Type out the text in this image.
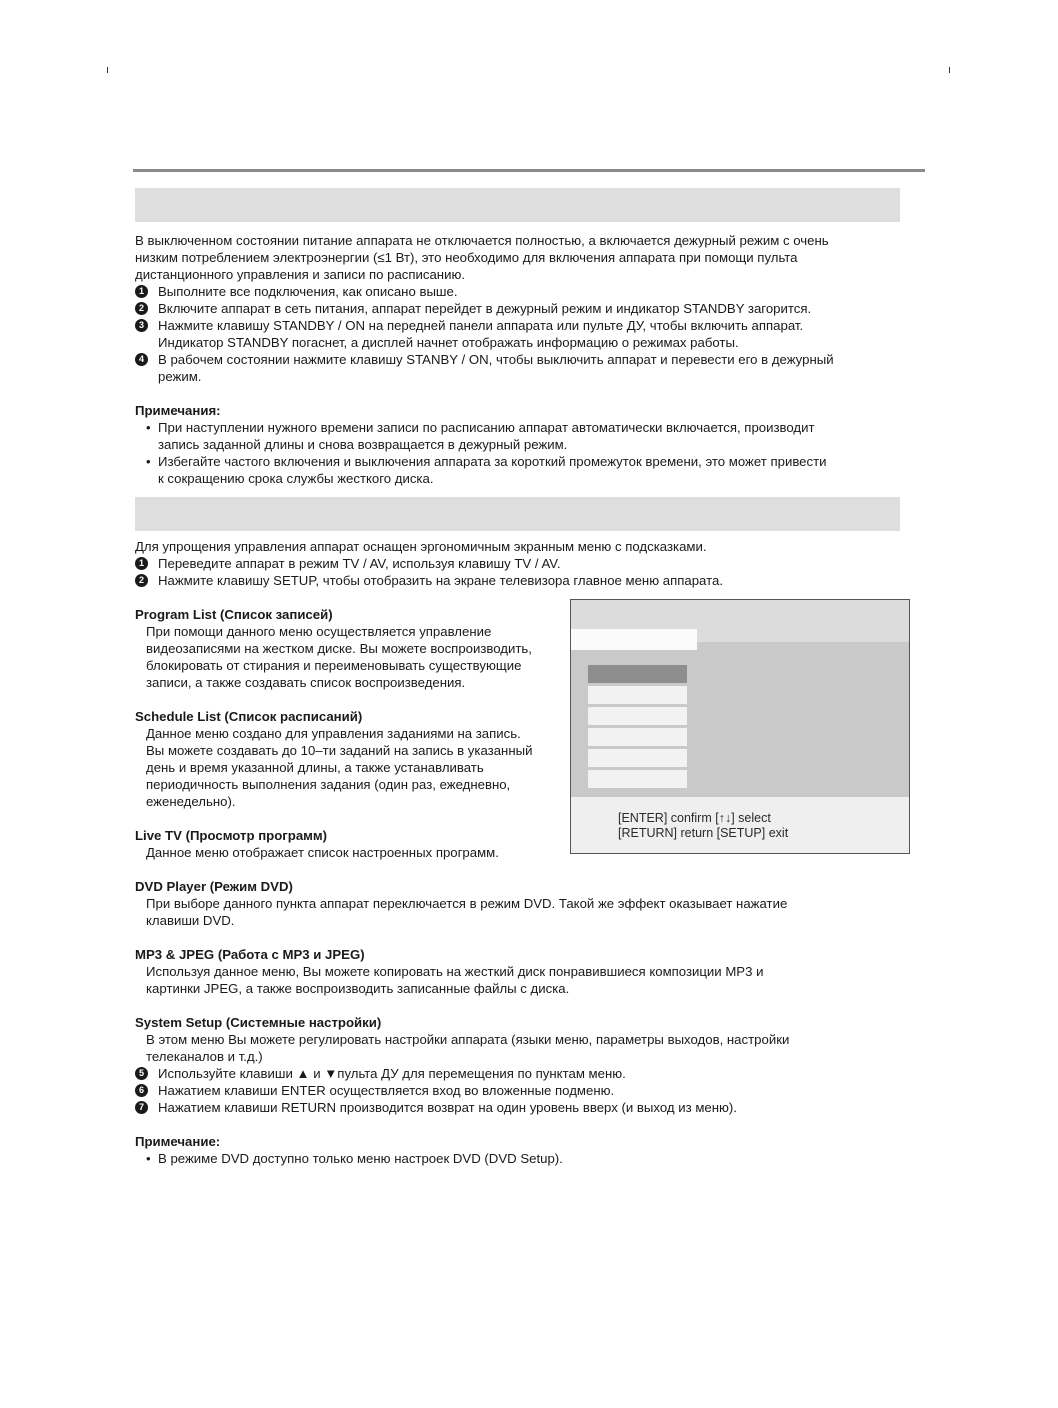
В выключенном состоянии питание аппарата не отключается полностью, а включается дежурный режим с очень

низким потреблением электроэнергии (≤1 Вт), это необходимо для включения аппарата при помощи пульта

дистанционного управления и записи по расписанию.

1	Выполните все подключения, как описано выше.

2	Включите аппарат в сеть питания, аппарат перейдет в дежурный режим и индикатор STANDBY загорится.

3	Нажмите клавишу STANDBY / ON на передней панели аппарата или пульте ДУ, чтобы включить аппарат.

Индикатор STANDBY погаснет, а дисплей начнет отображать информацию о режимах работы.

4	В рабочем состоянии нажмите клавишу STANBY / ON, чтобы выключить аппарат и перевести его в дежурный

режим.

Примечания:
• При наступлении нужного времени записи по расписанию аппарат автоматически включается, производит

запись заданной длины и снова возвращается в дежурный режим.

• Избегайте частого включения и выключения аппарата за короткий промежуток времени, это может привести

к сокращению срока службы жесткого диска.

Для упрощения управления аппарат оснащен эргономичным экранным меню с подсказками.

1	Переведите аппарат в режим TV / AV, используя клавишу TV / AV.

2	Нажмите клавишу SETUP, чтобы отобразить на экране телевизора главное меню аппарата.

Program List (Список записей)

При помощи данного меню осуществляется управление

видеозаписями на жестком диске. Вы можете воспроизводить,

блокировать от стирания и переименовывать существующие

записи, а также создавать список воспроизведения.

Schedule List (Список расписаний)

Данное меню создано для управления заданиями на запись.

Вы можете создавать до 10–ти заданий на запись в указанный

день и время указанной длины, а также устанавливать

периодичность выполнения задания (один раз, ежедневно,

еженедельно).

Live TV (Просмотр программ)

Данное меню отображает список настроенных программ.

[ENTER] confirm [↑↓] select
[RETURN] return [SETUP] exit
DVD Player (Режим DVD)

При выборе данного пункта аппарат переключается в режим DVD. Такой же эффект оказывает нажатие

клавиши DVD.

MP3 & JPEG (Работа с MP3 и JPEG)

Используя данное меню, Вы можете копировать на жесткий диск понравившиеся композиции MP3 и

картинки JPEG, а также воспроизводить записанные файлы с диска.

System Setup (Системные настройки)

В этом меню Вы можете регулировать настройки аппарата (языки меню, параметры выходов, настройки

телеканалов и т.д.)

5	Используйте клавиши ▲ и ▼пульта ДУ для перемещения по пунктам меню.

6	Нажатием клавиши ENTER осуществляется вход во вложенные подменю.

7	Нажатием клавиши RETURN производится возврат на один уровень вверх (и выход из меню).

Примечание:
• В режиме DVD доступно только меню настроек DVD (DVD Setup).
